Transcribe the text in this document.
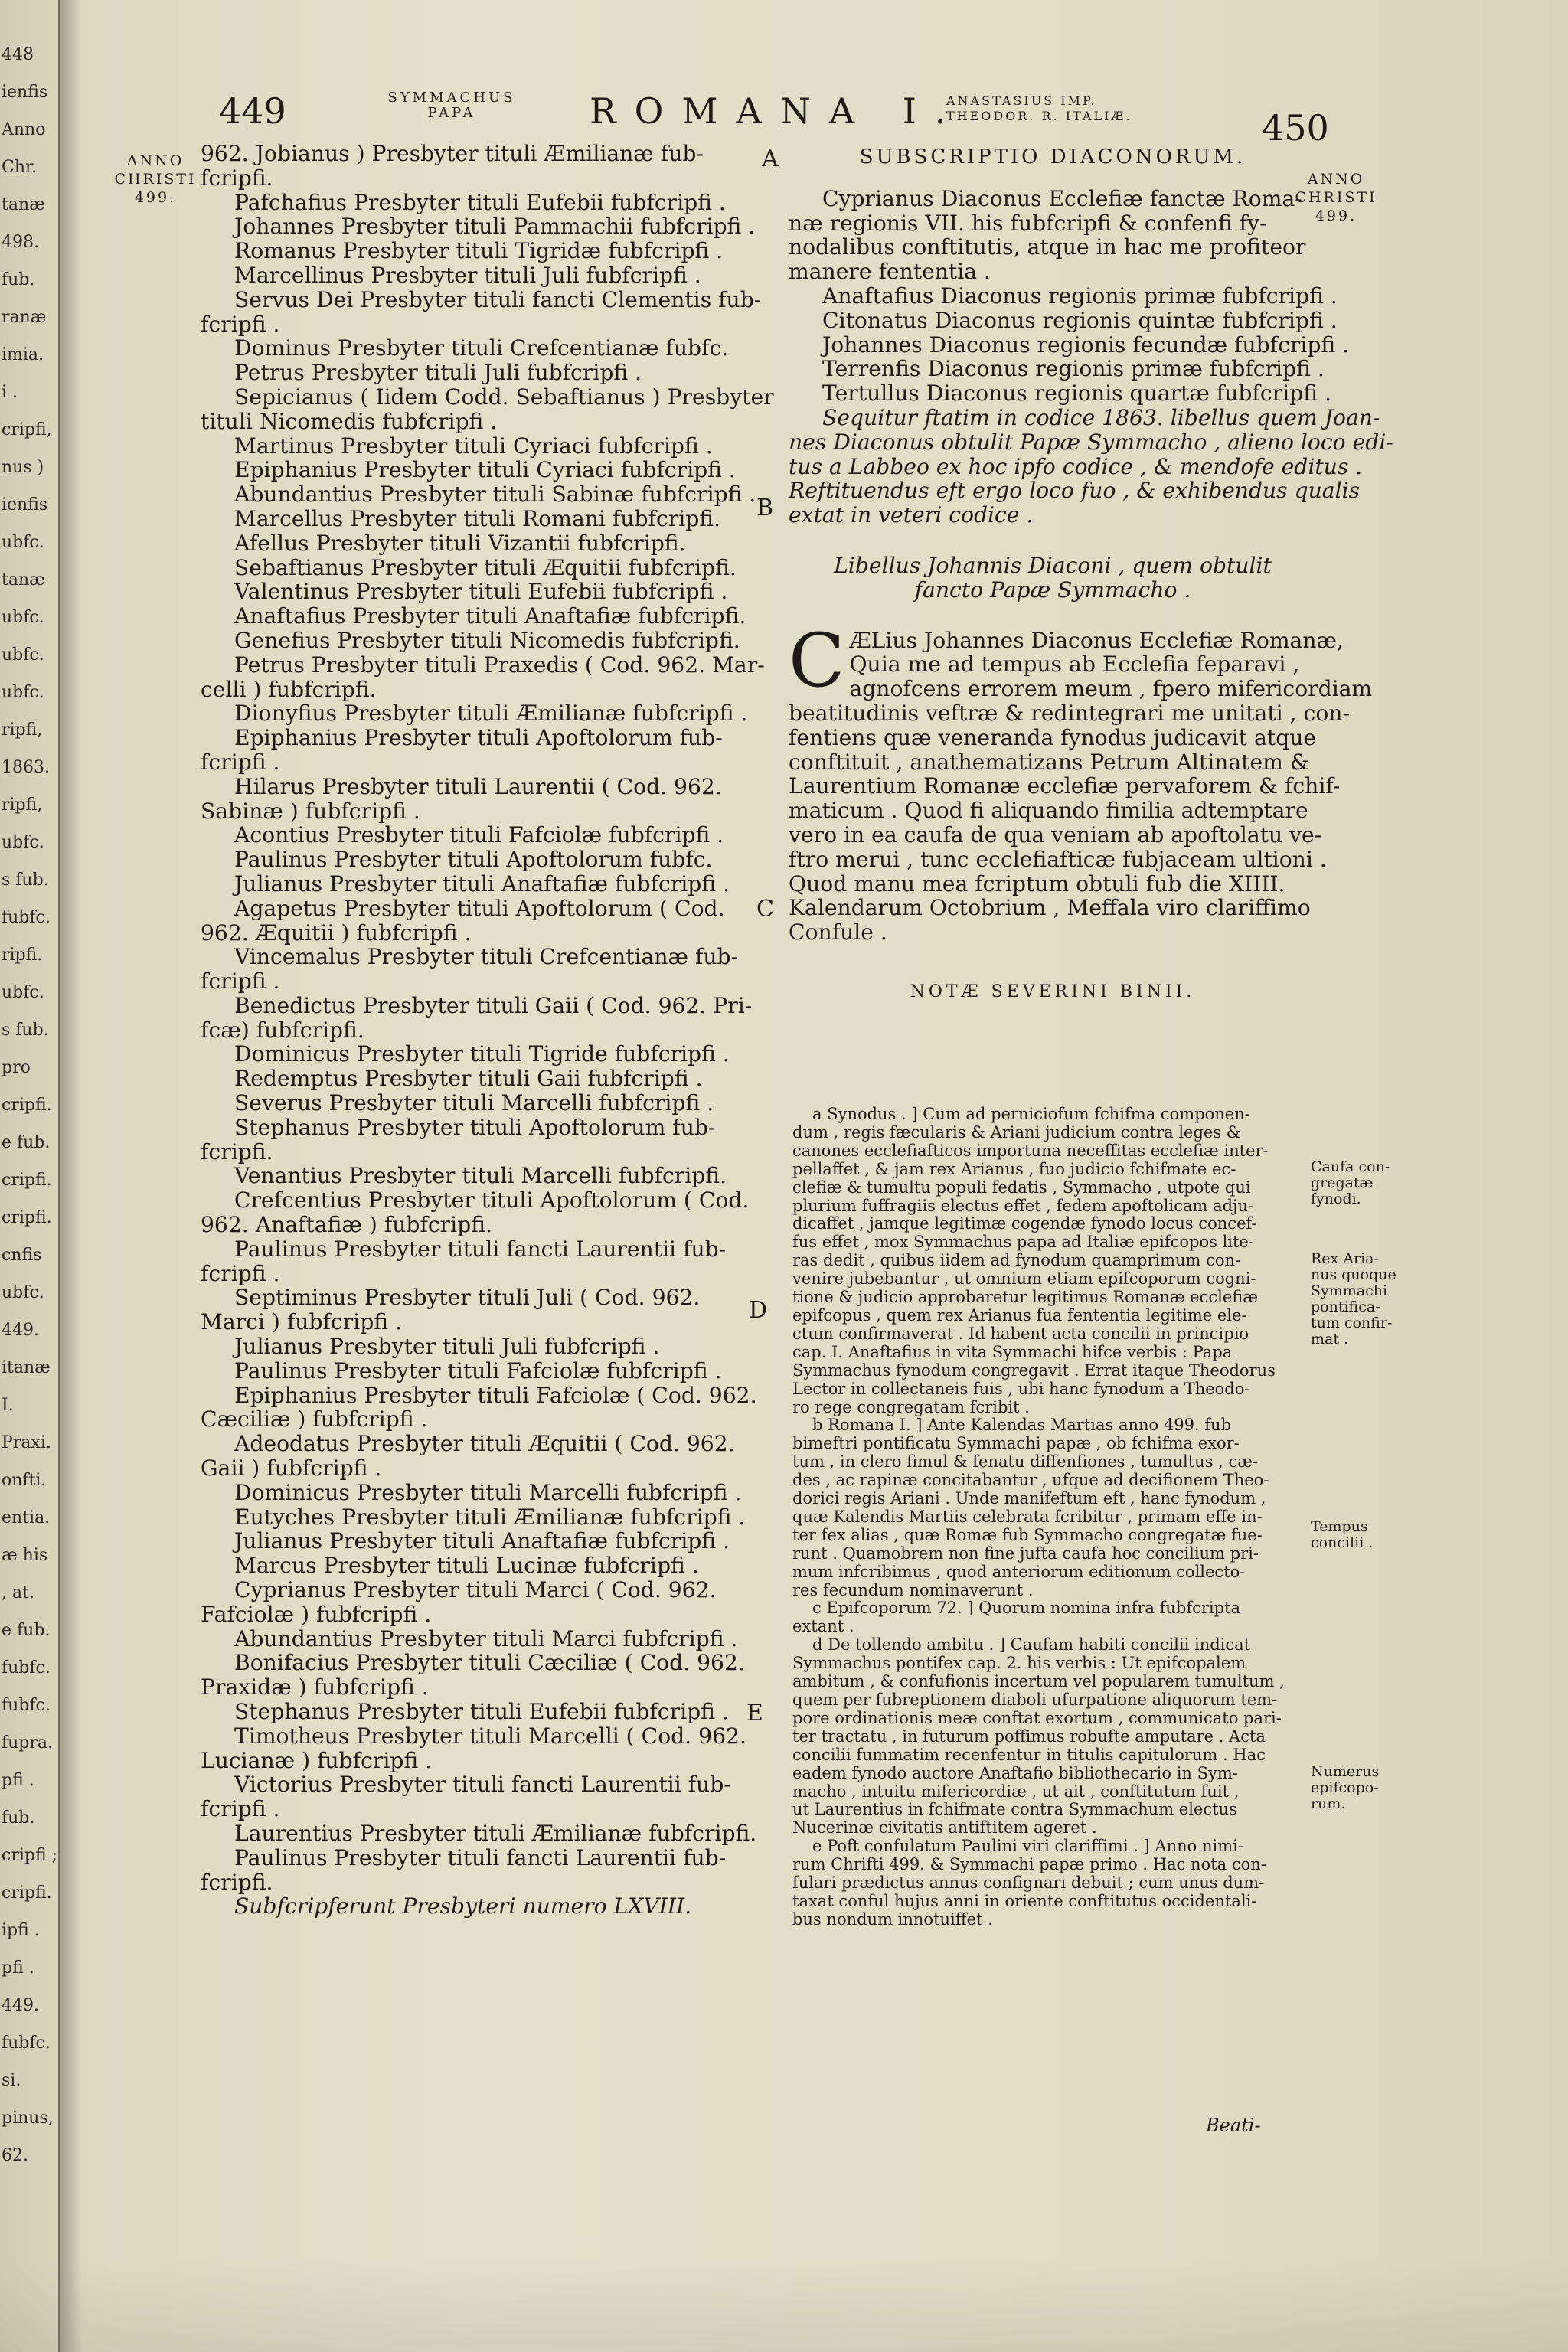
448
ienfis
Anno
Chr.
tanæ
498.
fub.
ranæ
imia.
i .
cripfi,
nus )
ienfis
ubfc.
tanæ
ubfc.
ubfc.
ubfc.
ripfi,
1863.
ripfi,
ubfc.
s fub.
fubfc.
ripfi.
ubfc.
s fub.
pro
cripfi.
e fub.
cripfi.
cripfi.
cnfis
ubfc.
449.
itanæ
I.
Praxi.
onfti.
entia.
æ his
, at.
e fub.
fubfc.
fubfc.
fupra.
pfi .
fub.
cripfi ;
cripfi.
ipfi .
pfi .
449.
fubfc.
si.
pinus,
62.
449	SYMMACHUS
PAPA	ROMANA I.
ANASTASIUS IMP.
THEODOR. R. ITALIÆ.	450
ANNO
CHRISTI
499.
ANNO
CHRISTI
499.
A
B
C
D
E
962. Jobianus ) Presbyter tituli Æmilianæ fub-
fcripfi.
Pafchafius Presbyter tituli Eufebii fubfcripfi .
Johannes Presbyter tituli Pammachii fubfcripfi .
Romanus Presbyter tituli Tigridæ fubfcripfi .
Marcellinus Presbyter tituli Juli fubfcripfi .
Servus Dei Presbyter tituli fancti Clementis fub-
fcripfi .
Dominus Presbyter tituli Crefcentianæ fubfc.
Petrus Presbyter tituli Juli fubfcripfi .
Sepicianus ( Iidem Codd. Sebaftianus ) Presbyter
tituli Nicomedis fubfcripfi .
Martinus Presbyter tituli Cyriaci fubfcripfi .
Epiphanius Presbyter tituli Cyriaci fubfcripfi .
Abundantius Presbyter tituli Sabinæ fubfcripfi .
Marcellus Presbyter tituli Romani fubfcripfi.
Afellus Presbyter tituli Vizantii fubfcripfi.
Sebaftianus Presbyter tituli Æquitii fubfcripfi.
Valentinus Presbyter tituli Eufebii fubfcripfi .
Anaftafius Presbyter tituli Anaftafiæ fubfcripfi.
Genefius Presbyter tituli Nicomedis fubfcripfi.
Petrus Presbyter tituli Praxedis ( Cod. 962. Mar-
celli ) fubfcripfi.
Dionyfius Presbyter tituli Æmilianæ fubfcripfi .
Epiphanius Presbyter tituli Apoftolorum fub-
fcripfi .
Hilarus Presbyter tituli Laurentii ( Cod. 962.
Sabinæ ) fubfcripfi .
Acontius Presbyter tituli Fafciolæ fubfcripfi .
Paulinus Presbyter tituli Apoftolorum fubfc.
Julianus Presbyter tituli Anaftafiæ fubfcripfi .
Agapetus Presbyter tituli Apoftolorum ( Cod.
962. Æquitii ) fubfcripfi .
Vincemalus Presbyter tituli Crefcentianæ fub-
fcripfi .
Benedictus Presbyter tituli Gaii ( Cod. 962. Pri-
fcæ) fubfcripfi.
Dominicus Presbyter tituli Tigride fubfcripfi .
Redemptus Presbyter tituli Gaii fubfcripfi .
Severus Presbyter tituli Marcelli fubfcripfi .
Stephanus Presbyter tituli Apoftolorum fub-
fcripfi.
Venantius Presbyter tituli Marcelli fubfcripfi.
Crefcentius Presbyter tituli Apoftolorum ( Cod.
962. Anaftafiæ ) fubfcripfi.
Paulinus Presbyter tituli fancti Laurentii fub-
fcripfi .
Septiminus Presbyter tituli Juli ( Cod. 962.
Marci ) fubfcripfi .
Julianus Presbyter tituli Juli fubfcripfi .
Paulinus Presbyter tituli Fafciolæ fubfcripfi .
Epiphanius Presbyter tituli Fafciolæ ( Cod. 962.
Cæciliæ ) fubfcripfi .
Adeodatus Presbyter tituli Æquitii ( Cod. 962.
Gaii ) fubfcripfi .
Dominicus Presbyter tituli Marcelli fubfcripfi .
Eutyches Presbyter tituli Æmilianæ fubfcripfi .
Julianus Presbyter tituli Anaftafiæ fubfcripfi .
Marcus Presbyter tituli Lucinæ fubfcripfi .
Cyprianus Presbyter tituli Marci ( Cod. 962.
Fafciolæ ) fubfcripfi .
Abundantius Presbyter tituli Marci fubfcripfi .
Bonifacius Presbyter tituli Cæciliæ ( Cod. 962.
Praxidæ ) fubfcripfi .
Stephanus Presbyter tituli Eufebii fubfcripfi .
Timotheus Presbyter tituli Marcelli ( Cod. 962.
Lucianæ ) fubfcripfi .
Victorius Presbyter tituli fancti Laurentii fub-
fcripfi .
Laurentius Presbyter tituli Æmilianæ fubfcripfi.
Paulinus Presbyter tituli fancti Laurentii fub-
fcripfi.
Subfcripferunt Presbyteri numero LXVIII.
SUBSCRIPTIO DIACONORUM.
Cyprianus Diaconus Ecclefiæ fanctæ Roma-
næ regionis VII. his fubfcripfi & confenfi fy-
nodalibus conftitutis, atque in hac me profiteor
manere fententia .
Anaftafius Diaconus regionis primæ fubfcripfi .
Citonatus Diaconus regionis quintæ fubfcripfi .
Johannes Diaconus regionis fecundæ fubfcripfi .
Terrenfis Diaconus regionis primæ fubfcripfi .
Tertullus Diaconus regionis quartæ fubfcripfi .
Sequitur ftatim in codice 1863. libellus quem Joan-
nes Diaconus obtulit Papæ Symmacho , alieno loco edi-
tus a Labbeo ex hoc ipfo codice , & mendofe editus .
Reftituendus eft ergo loco fuo , & exhibendus qualis
extat in veteri codice .
Libellus Johannis Diaconi , quem obtulit
fancto Papæ Symmacho .
C ÆLius Johannes Diaconus Ecclefiæ Romanæ,
Quia me ad tempus ab Ecclefia feparavi ,
agnofcens errorem meum , fpero mifericordiam
beatitudinis veftræ & redintegrari me unitati , con-
fentiens quæ veneranda fynodus judicavit atque
conftituit , anathematizans Petrum Altinatem &
Laurentium Romanæ ecclefiæ pervaforem & fchif-
maticum . Quod fi aliquando fimilia adtemptare
vero in ea caufa de qua veniam ab apoftolatu ve-
ftro merui , tunc ecclefiafticæ fubjaceam ultioni .
Quod manu mea fcriptum obtuli fub die XIIII.
Kalendarum Octobrium , Meffala viro clariffimo
Confule .
NOTÆ SEVERINI BINII.
a Synodus . ] Cum ad perniciofum fchifma componen-
dum , regis fæcularis & Ariani judicium contra leges &
canones ecclefiafticos importuna neceffitas ecclefiæ inter-
pellaffet , & jam rex Arianus , fuo judicio fchifmate ec-
clefiæ & tumultu populi fedatis , Symmacho , utpote qui
plurium fuffragiis electus effet , fedem apoftolicam adju-
dicaffet , jamque legitimæ cogendæ fynodo locus concef-
fus effet , mox Symmachus papa ad Italiæ epifcopos lite-
ras dedit , quibus iidem ad fynodum quamprimum con-
venire jubebantur , ut omnium etiam epifcoporum cogni-
tione & judicio approbaretur legitimus Romanæ ecclefiæ
epifcopus , quem rex Arianus fua fententia legitime ele-
ctum confirmaverat . Id habent acta concilii in principio
cap. I. Anaftafius in vita Symmachi hifce verbis : Papa
Symmachus fynodum congregavit . Errat itaque Theodorus
Lector in collectaneis fuis , ubi hanc fynodum a Theodo-
ro rege congregatam fcribit .
b Romana I. ] Ante Kalendas Martias anno 499. fub
bimeftri pontificatu Symmachi papæ , ob fchifma exor-
tum , in clero fimul & fenatu diffenfiones , tumultus , cæ-
des , ac rapinæ concitabantur , ufque ad decifionem Theo-
dorici regis Ariani . Unde manifeftum eft , hanc fynodum ,
quæ Kalendis Martiis celebrata fcribitur , primam effe in-
ter fex alias , quæ Romæ fub Symmacho congregatæ fue-
runt . Quamobrem non fine jufta caufa hoc concilium pri-
mum infcribimus , quod anteriorum editionum collecto-
res fecundum nominaverunt .
c Epifcoporum 72. ] Quorum nomina infra fubfcripta
extant .
d De tollendo ambitu . ] Caufam habiti concilii indicat
Symmachus pontifex cap. 2. his verbis : Ut epifcopalem
ambitum , & confufionis incertum vel popularem tumultum ,
quem per fubreptionem diaboli ufurpatione aliquorum tem-
pore ordinationis meæ conftat exortum , communicato pari-
ter tractatu , in futurum poffimus robufte amputare . Acta
concilii fummatim recenfentur in titulis capitulorum . Hac
eadem fynodo auctore Anaftafio bibliothecario in Sym-
macho , intuitu mifericordiæ , ut ait , conftitutum fuit ,
ut Laurentius in fchifmate contra Symmachum electus
Nucerinæ civitatis antiftitem ageret .
e Poft confulatum Paulini viri clariffimi . ] Anno nimi-
rum Chrifti 499. & Symmachi papæ primo . Hac nota con-
fulari prædictus annus confignari debuit ; cum unus dum-
taxat conful hujus anni in oriente conftitutus occidentali-
bus nondum innotuiffet .
Beati-
Caufa con-
gregatæ
fynodi.
Rex Aria-
nus quoque
Symmachi
pontifica-
tum confir-
mat .
Tempus
concilii .
Numerus
epifcopo-
rum.
